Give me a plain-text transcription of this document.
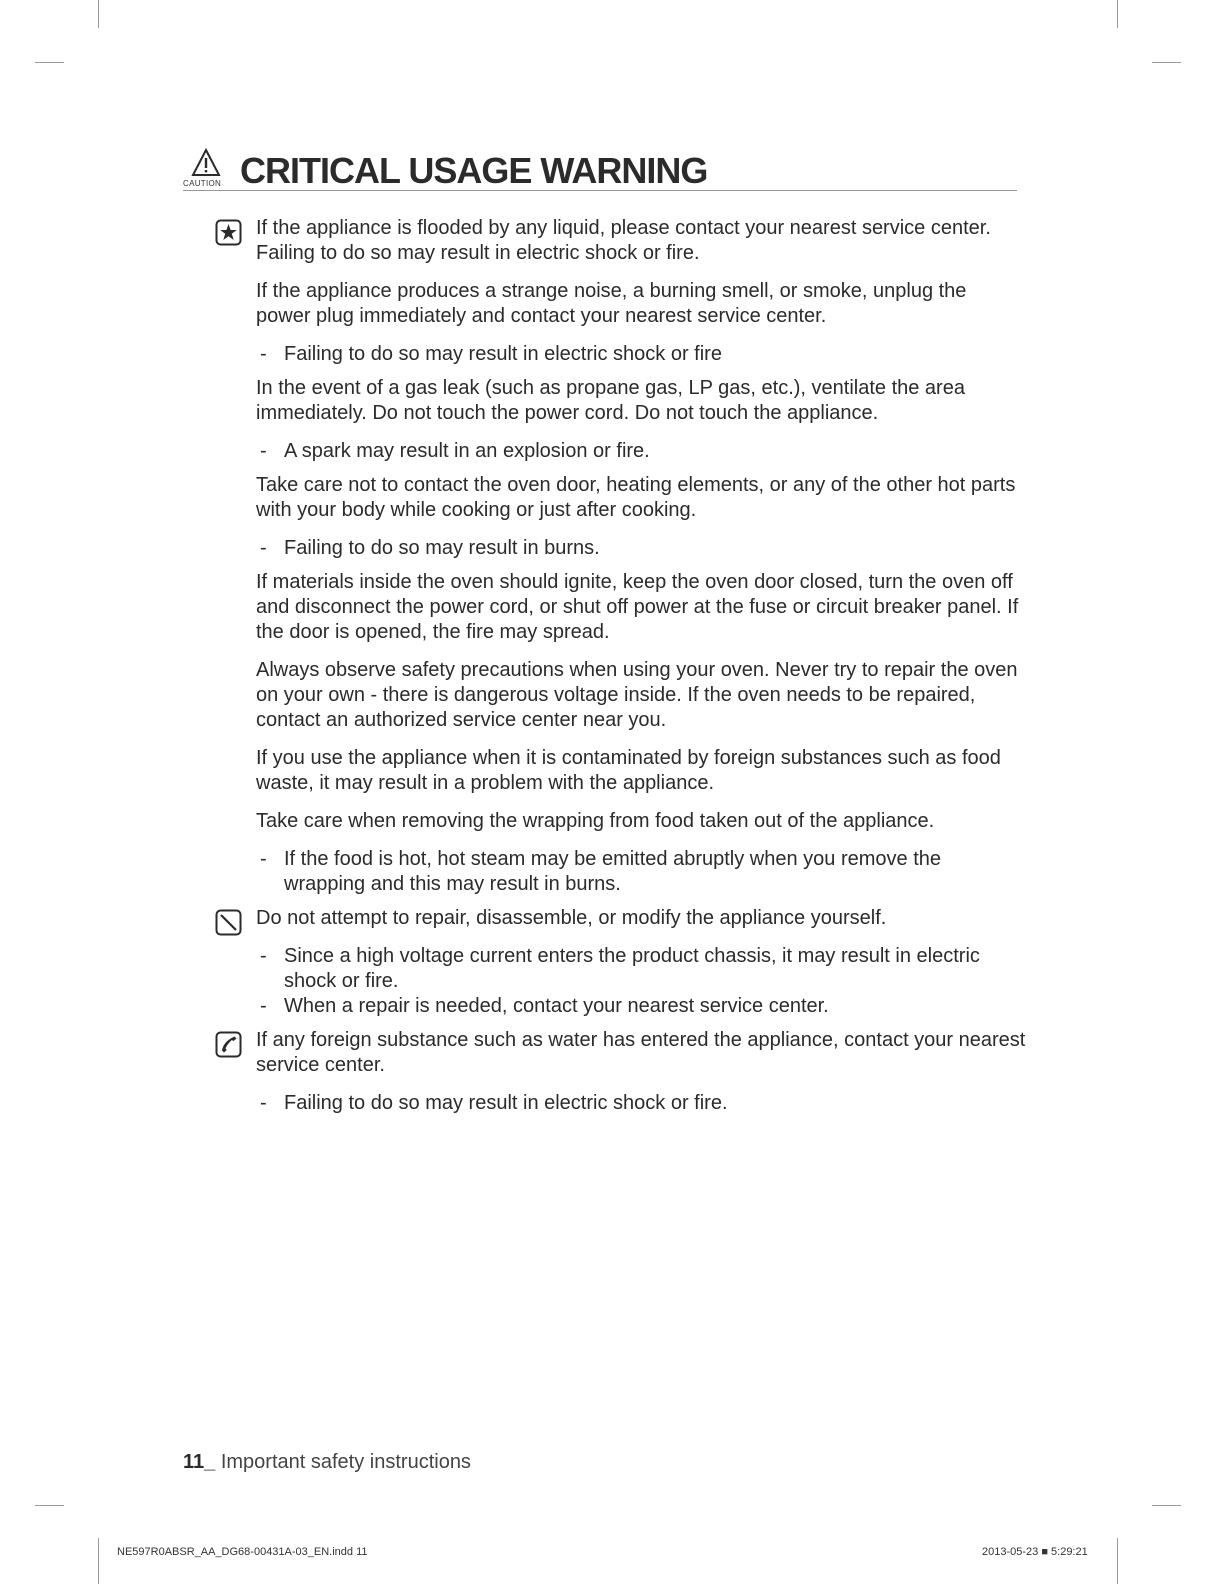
CAUTION CRITICAL USAGE WARNING
If the appliance is flooded by any liquid, please contact your nearest service center. Failing to do so may result in electric shock or fire.
If the appliance produces a strange noise, a burning smell, or smoke, unplug the power plug immediately and contact your nearest service center.
- Failing to do so may result in electric shock or fire
In the event of a gas leak (such as propane gas, LP gas, etc.), ventilate the area immediately. Do not touch the power cord. Do not touch the appliance.
- A spark may result in an explosion or fire.
Take care not to contact the oven door, heating elements, or any of the other hot parts with your body while cooking or just after cooking.
- Failing to do so may result in burns.
If materials inside the oven should ignite, keep the oven door closed, turn the oven off and disconnect the power cord, or shut off power at the fuse or circuit breaker panel. If the door is opened, the fire may spread.
Always observe safety precautions when using your oven. Never try to repair the oven on your own - there is dangerous voltage inside. If the oven needs to be repaired, contact an authorized service center near you.
If you use the appliance when it is contaminated by foreign substances such as food waste, it may result in a problem with the appliance.
Take care when removing the wrapping from food taken out of the appliance.
- If the food is hot, hot steam may be emitted abruptly when you remove the wrapping and this may result in burns.
Do not attempt to repair, disassemble, or modify the appliance yourself.
- Since a high voltage current enters the product chassis, it may result in electric shock or fire.
- When a repair is needed, contact your nearest service center.
If any foreign substance such as water has entered the appliance, contact your nearest service center.
- Failing to do so may result in electric shock or fire.
11_ Important safety instructions
NE597R0ABSR_AA_DG68-00431A-03_EN.indd 11	2013-05-23 ■ 5:29:21
